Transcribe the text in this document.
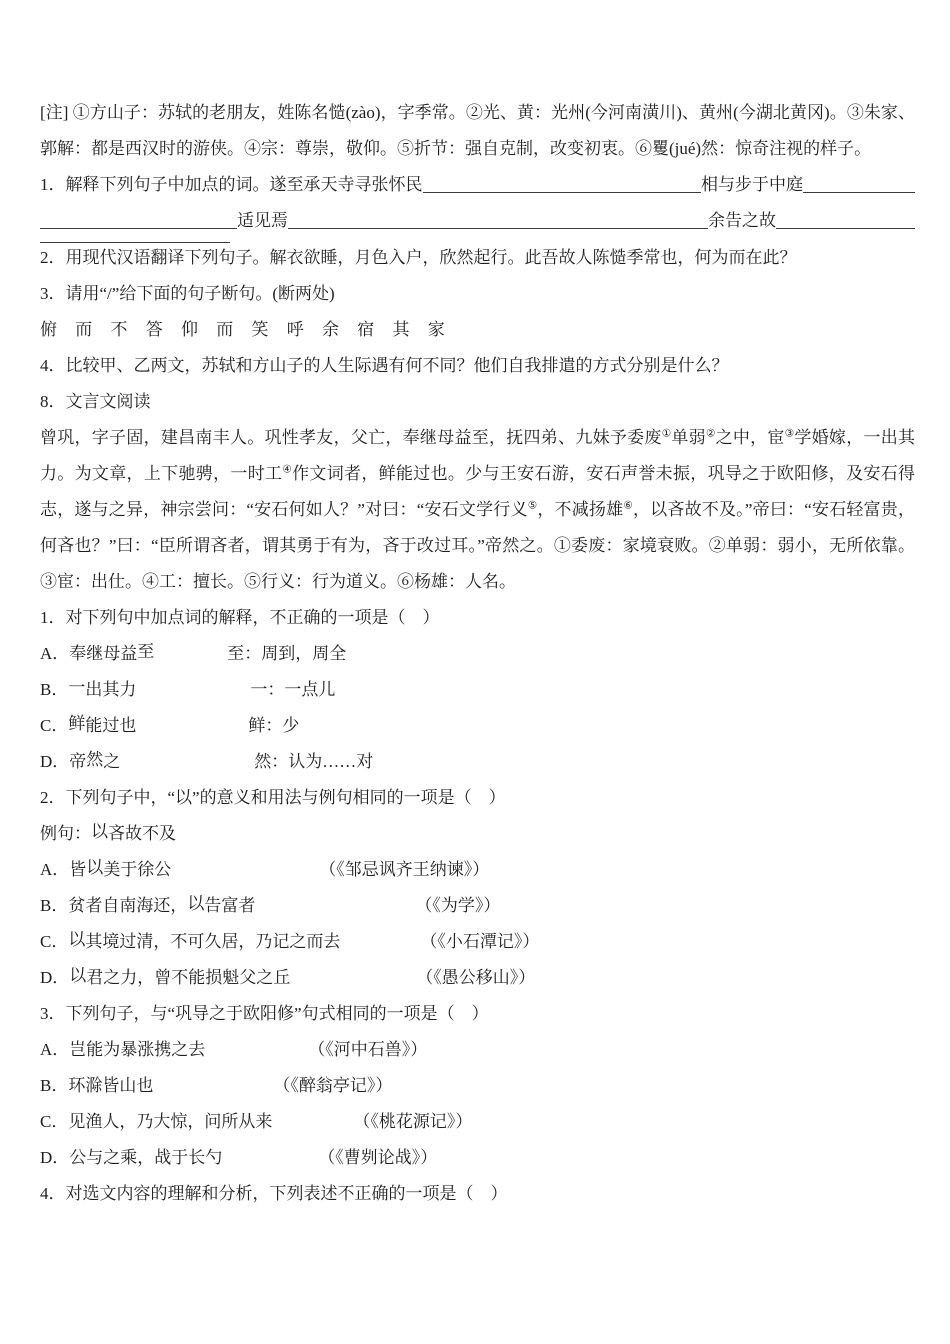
[注] ①方山子：苏轼的老朋友，姓陈名慥(zào)，字季常。②光、黄：光州(今河南潢川)、黄州(今湖北黄冈)。③朱家、郭解：都是西汉时的游侠。④宗：尊崇，敬仰。⑤折节：强自克制，改变初衷。⑥矍(jué)然：惊奇注视的样子。

1．解释下列句子中加点的词。遂至承天寺寻张怀民	相与步于中庭
适见焉	余告之故

2．用现代汉语翻译下列句子。解衣欲睡，月色入户，欣然起行。此吾故人陈慥季常也，何为而在此？

3．请用“/”给下面的句子断句。(断两处)

俯 而 不 答 仰 而 笑 呼 余 宿 其 家

4．比较甲、乙两文，苏轼和方山子的人生际遇有何不同？他们自我排遣的方式分别是什么？

8．文言文阅读

曾巩，字子固，建昌南丰人。巩性孝友，父亡，奉继母益至，抚四弟、九妹予委废①单弱②之中，宦③学婚嫁，一出其力。为文章，上下驰骋，一时工④作文词者，鲜能过也。少与王安石游，安石声誉未振，巩导之于欧阳修，及安石得志，遂与之异，神宗尝问：“安石何如人？”对曰：“安石文学行义⑤，不减扬雄⑥，以吝故不及。”帝曰：“安石轻富贵，何吝也？”曰：“臣所谓吝者，谓其勇于有为，吝于改过耳。”帝然之。①委废：家境衰败。②单弱：弱小，无所依靠。③宦：出仕。④工：擅长。⑤行义：行为道义。⑥杨雄：人名。

1．对下列句中加点词的解释，不正确的一项是（　）

A． 奉继母益至	至：周到，周全
B． 一出其力	一：一点儿
C． 鲜能过也	鲜：少
D． 帝然之	然：认为……对

2．下列句子中，“以”的意义和用法与例句相同的一项是（　）

例句：以吝故不及

A． 皆以美于徐公	（《邹忌讽齐王纳谏》）
B． 贫者自南海还，以告富者	（《为学》）
C． 以其境过清，不可久居，乃记之而去	（《小石潭记》）
D． 以君之力，曾不能损魁父之丘	（《愚公移山》）

3．下列句子，与“巩导之于欧阳修”句式相同的一项是（　）

A． 岂能为暴涨携之去	（《河中石兽》）
B． 环滁皆山也	（《醉翁亭记》）
C． 见渔人，乃大惊，问所从来	（《桃花源记》）
D． 公与之乘，战于长勺	（《曹刿论战》）

4．对选文内容的理解和分析，下列表述不正确的一项是（　）
